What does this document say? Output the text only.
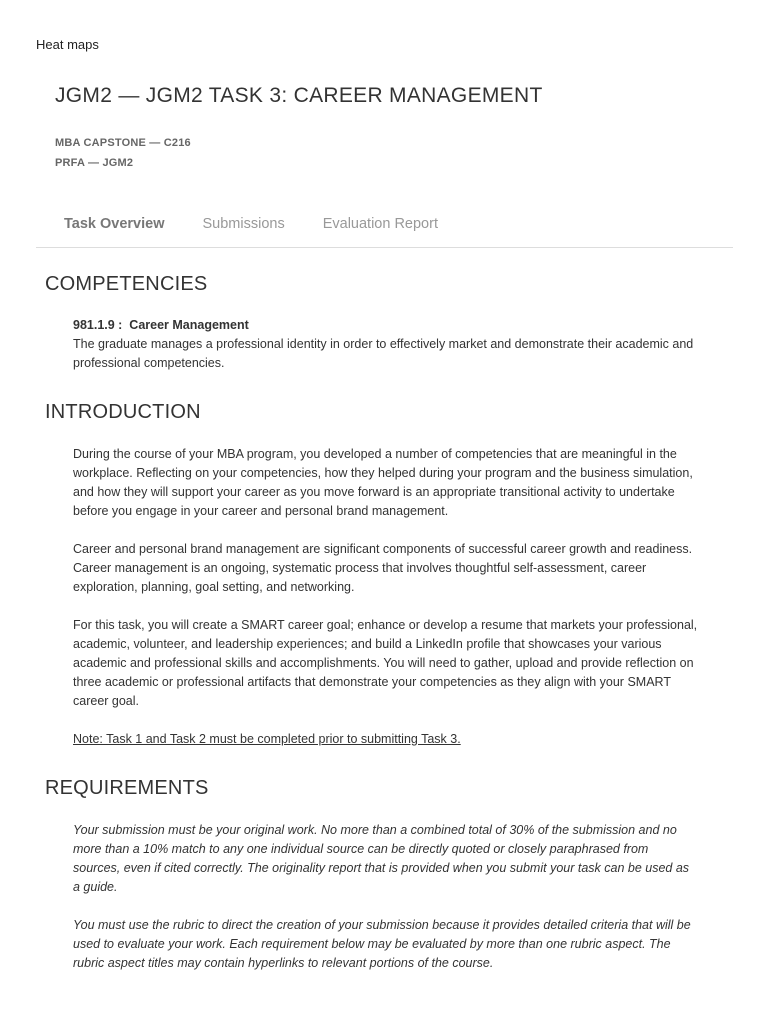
Heat maps
JGM2 — JGM2 TASK 3: CAREER MANAGEMENT
MBA CAPSTONE — C216
PRFA — JGM2
Task Overview	Submissions	Evaluation Report
COMPETENCIES

981.1.9 : Career Management

The graduate manages a professional identity in order to effectively market and demonstrate their academic and professional competencies.

INTRODUCTION

During the course of your MBA program, you developed a number of competencies that are meaningful in the workplace. Reflecting on your competencies, how they helped during your program and the business simulation, and how they will support your career as you move forward is an appropriate transitional activity to undertake before you engage in your career and personal brand management.

Career and personal brand management are significant components of successful career growth and readiness. Career management is an ongoing, systematic process that involves thoughtful self-assessment, career exploration, planning, goal setting, and networking.

For this task, you will create a SMART career goal; enhance or develop a resume that markets your professional, academic, volunteer, and leadership experiences; and build a LinkedIn profile that showcases your various academic and professional skills and accomplishments. You will need to gather, upload and provide reflection on three academic or professional artifacts that demonstrate your competencies as they align with your SMART career goal.

Note: Task 1 and Task 2 must be completed prior to submitting Task 3.

REQUIREMENTS

Your submission must be your original work. No more than a combined total of 30% of the submission and no more than a 10% match to any one individual source can be directly quoted or closely paraphrased from sources, even if cited correctly. The originality report that is provided when you submit your task can be used as a guide.

You must use the rubric to direct the creation of your submission because it provides detailed criteria that will be used to evaluate your work. Each requirement below may be evaluated by more than one rubric aspect. The rubric aspect titles may contain hyperlinks to relevant portions of the course.
